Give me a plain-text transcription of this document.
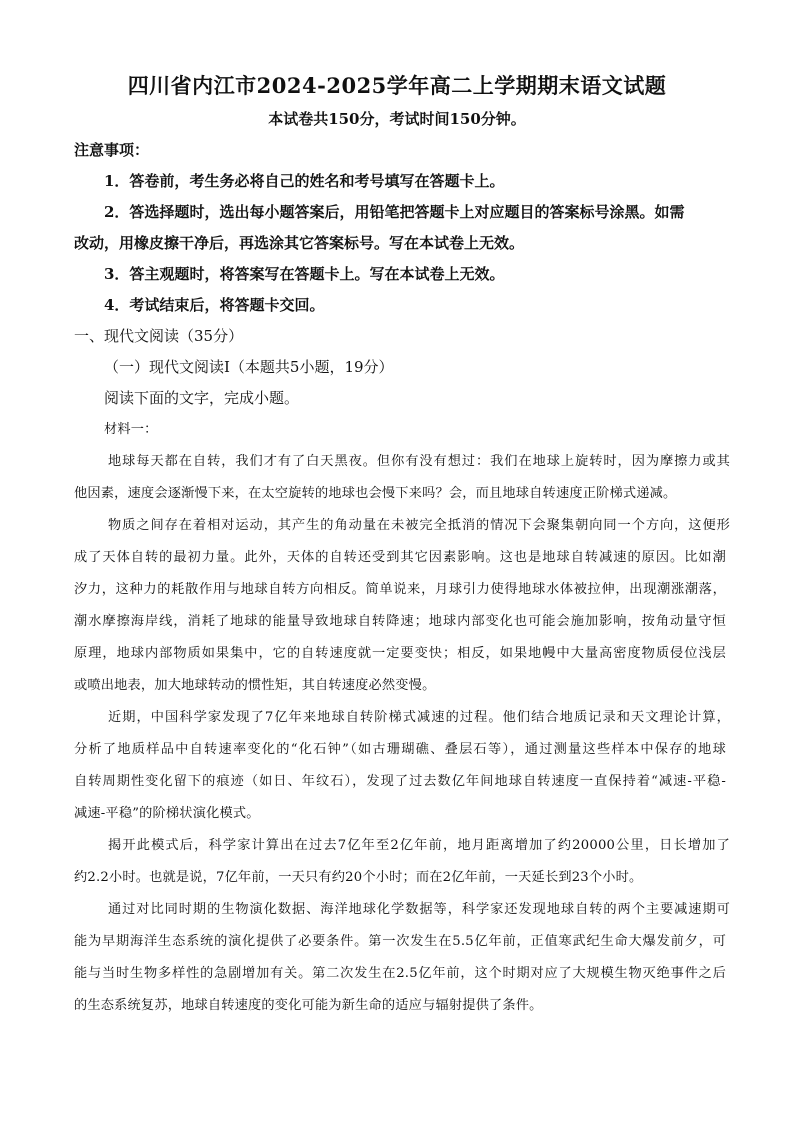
四川省内江市2024-2025学年高二上学期期末语文试题
本试卷共150分，考试时间150分钟。
注意事项：
1．答卷前，考生务必将自己的姓名和考号填写在答题卡上。
2．答选择题时，选出每小题答案后，用铅笔把答题卡上对应题目的答案标号涂黑。如需
改动，用橡皮擦干净后，再选涂其它答案标号。写在本试卷上无效。
3．答主观题时，将答案写在答题卡上。写在本试卷上无效。
4．考试结束后，将答题卡交回。
一、现代文阅读（35分）
（一）现代文阅读Ⅰ（本题共5小题，19分）
阅读下面的文字，完成小题。
材料一：
地球每天都在自转，我们才有了白天黑夜。但你有没有想过：我们在地球上旋转时，因为摩擦力或其
他因素，速度会逐渐慢下来，在太空旋转的地球也会慢下来吗？会，而且地球自转速度正阶梯式递减。
物质之间存在着相对运动，其产生的角动量在未被完全抵消的情况下会聚集朝向同一个方向，这便形
成了天体自转的最初力量。此外，天体的自转还受到其它因素影响。这也是地球自转减速的原因。比如潮
汐力，这种力的耗散作用与地球自转方向相反。简单说来，月球引力使得地球水体被拉伸，出现潮涨潮落，
潮水摩擦海岸线，消耗了地球的能量导致地球自转降速；地球内部变化也可能会施加影响，按角动量守恒
原理，地球内部物质如果集中，它的自转速度就一定要变快；相反，如果地幔中大量高密度物质侵位浅层
或喷出地表，加大地球转动的惯性矩，其自转速度必然变慢。
近期，中国科学家发现了7亿年来地球自转阶梯式减速的过程。他们结合地质记录和天文理论计算，
分析了地质样品中自转速率变化的“化石钟”（如古珊瑚礁、叠层石等），通过测量这些样本中保存的地球
自转周期性变化留下的痕迹（如日、年纹石），发现了过去数亿年间地球自转速度一直保持着“减速-平稳-
减速-平稳”的阶梯状演化模式。
揭开此模式后，科学家计算出在过去7亿年至2亿年前，地月距离增加了约20000公里，日长增加了
约2.2小时。也就是说，7亿年前，一天只有约20个小时；而在2亿年前，一天延长到23个小时。
通过对比同时期的生物演化数据、海洋地球化学数据等，科学家还发现地球自转的两个主要减速期可
能为早期海洋生态系统的演化提供了必要条件。第一次发生在5.5亿年前，正值寒武纪生命大爆发前夕，可
能与当时生物多样性的急剧增加有关。第二次发生在2.5亿年前，这个时期对应了大规模生物灭绝事件之后
的生态系统复苏，地球自转速度的变化可能为新生命的适应与辐射提供了条件。
